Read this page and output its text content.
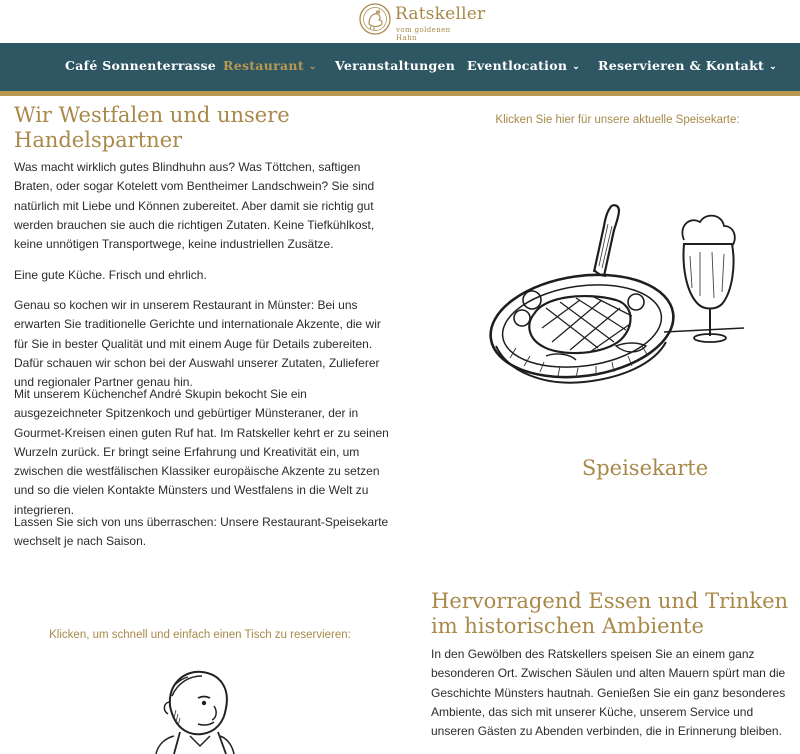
Ratskeller
vom goldenen Hahn
Café Sonnenterrasse Restaurant ⌄ Veranstaltungen Eventlocation ⌄ Reservieren & Kontakt ⌄
Wir Westfalen und unsere Handelspartner

Was macht wirklich gutes Blindhuhn aus? Was Töttchen, saftigen Braten, oder sogar Kotelett vom Bentheimer Landschwein? Sie sind natürlich mit Liebe und Können zubereitet. Aber damit sie richtig gut werden brauchen sie auch die richtigen Zutaten. Keine Tiefkühlkost, keine unnötigen Transportwege, keine industriellen Zusätze.

Eine gute Küche. Frisch und ehrlich.

Genau so kochen wir in unserem Restaurant in Münster: Bei uns erwarten Sie traditionelle Gerichte und internationale Akzente, die wir für Sie in bester Qualität und mit einem Auge für Details zubereiten. Dafür schauen wir schon bei der Auswahl unserer Zutaten, Zulieferer und regionaler Partner genau hin.

Mit unserem Küchenchef André Skupin bekocht Sie ein ausgezeichneter Spitzenkoch und gebürtiger Münsteraner, der in Gourmet-Kreisen einen guten Ruf hat. Im Ratskeller kehrt er zu seinen Wurzeln zurück. Er bringt seine Erfahrung und Kreativität ein, um zwischen die westfälischen Klassiker europäische Akzente zu setzen und so die vielen Kontakte Münsters und Westfalens in die Welt zu integrieren.

Lassen Sie sich von uns überraschen: Unsere Restaurant-Speisekarte wechselt je nach Saison.

Klicken, um schnell und einfach einen Tisch zu reservieren:

Klicken Sie hier für unsere aktuelle Speisekarte:

Speisekarte
Hervorragend Essen und Trinken im historischen Ambiente

In den Gewölben des Ratskellers speisen Sie an einem ganz besonderen Ort. Zwischen Säulen und alten Mauern spürt man die Geschichte Münsters hautnah. Genießen Sie ein ganz besonderes Ambiente, das sich mit unserer Küche, unserem Service und unseren Gästen zu Abenden verbinden, die in Erinnerung bleiben.
